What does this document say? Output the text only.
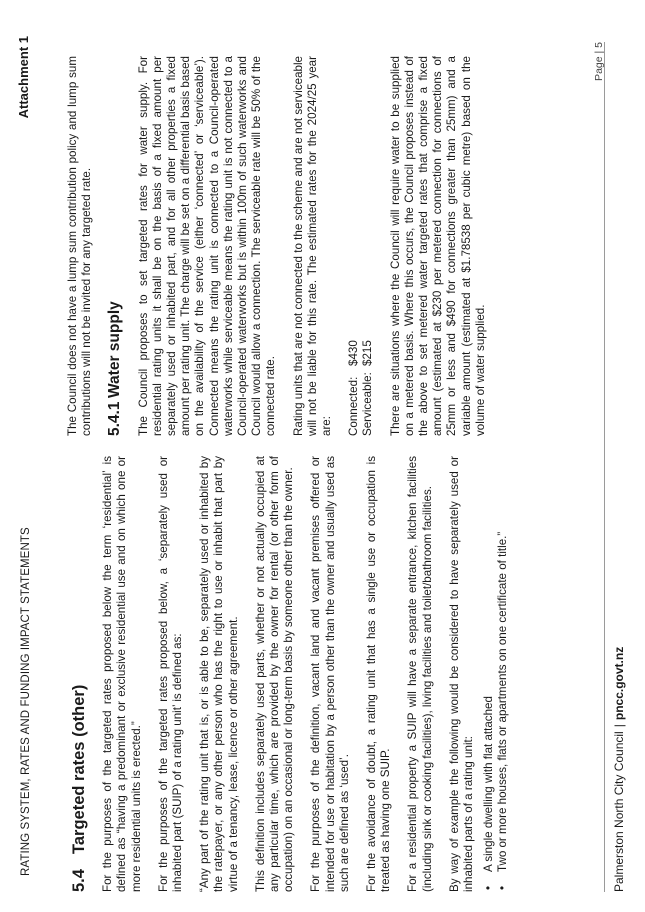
RATING SYSTEM, RATES AND FUNDING IMPACT STATEMENTS
Attachment 1
5.4Targeted rates (other) For the purposes of the targeted rates proposed below the term ‘residential’ is defined as “having a predominant or exclusive residential use and on which one or more residential units is erected.” For the purposes of the targeted rates proposed below, a ‘separately used or inhabited part (SUIP) of a rating unit’ is defined as: “Any part of the rating unit that is, or is able to be, separately used or inhabited by the ratepayer, or any other person who has the right to use or inhabit that part by virtue of a tenancy, lease, licence or other agreement. This definition includes separately used parts, whether or not actually occupied at any particular time, which are provided by the owner for rental (or other form of occupation) on an occasional or long-term basis by someone other than the owner. For the purposes of the definition, vacant land and vacant premises offered or intended for use or habitation by a person other than the owner and usually used as such are defined as ‘used’. For the avoidance of doubt, a rating unit that has a single use or occupation is treated as having one SUIP. For a residential property a SUIP will have a separate entrance, kitchen facilities (including sink or cooking facilities), living facilities and toilet/bathroom facilities. By way of example the following would be considered to have separately used or inhabited parts of a rating unit: • A single dwelling with flat attached • Two or more houses, flats or apartments on one certificate of title.”

The Council does not have a lump sum contribution policy and lump sum contributions will not be invited for any targeted rate. 5.4.1Water supply The Council proposes to set targeted rates for water supply. For residential rating units it shall be on the basis of a fixed amount per separately used or inhabited part, and for all other properties a fixed amount per rating unit. The charge will be set on a differential basis based on the availability of the service (either ‘connected’ or ‘serviceable’). Connected means the rating unit is connected to a Council-operated waterworks while serviceable means the rating unit is not connected to a Council-operated waterworks but is within 100m of such waterworks and Council would allow a connection. The serviceable rate will be 50% of the connected rate. Rating units that are not connected to the scheme and are not serviceable will not be liable for this rate. The estimated rates for the 2024/25 year are: Connected:
$430
Serviceable:
$215 There are situations where the Council will require water to be supplied on a metered basis. Where this occurs, the Council proposes instead of the above to set metered water targeted rates that comprise a fixed amount (estimated at $230 per metered connection for connections of 25mm or less and $490 for connections greater than 25mm) and a variable amount (estimated at $1.78538 per cubic metre) based on the volume of water supplied.

Palmerston North City Council|pncc.govt.nz
Page | 5
